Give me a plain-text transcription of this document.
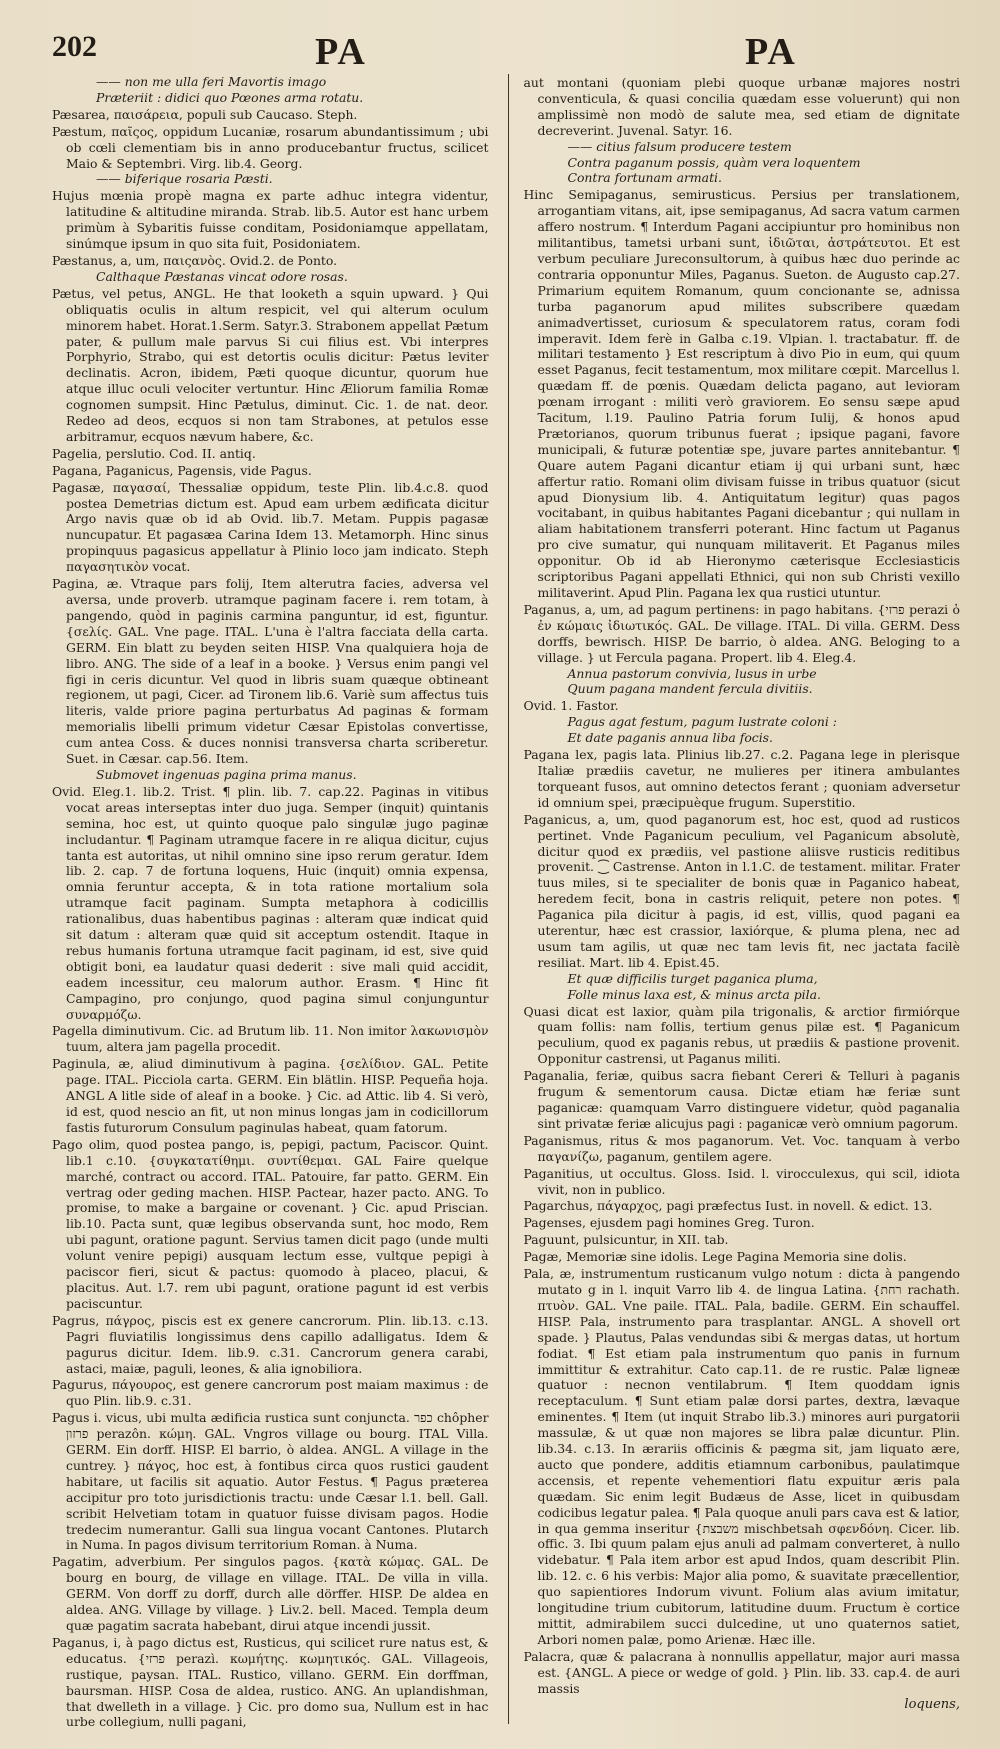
202	PA	PA

—— non me ulla feri Mavortis imago

Præteriit : didici quo Pœones arma rotatu.

Pæsarea, παισάρεια, populi sub Caucaso. Steph.

Pæstum, παῖςος, oppidum Lucaniæ, rosarum abundantissimum ; ubi ob cœli clementiam bis in anno producebantur fructus, scilicet Maio & Septembri. Virg. lib.4. Georg.

—— biferique rosaria Pæsti.

Hujus mœnia propè magna ex parte adhuc integra videntur, latitudine & altitudine miranda. Strab. lib.5. Autor est hanc urbem primùm à Sybaritis fuisse conditam, Posidoniamque appellatam, sinúmque ipsum in quo sita fuit, Posidoniatem.

Pæstanus, a, um, παιςανὸς. Ovid.2. de Ponto.

Calthaque Pæstanas vincat odore rosas.

Pætus, vel petus, ANGL. He that looketh a squin upward. } Qui obliquatis oculis in altum respicit, vel qui alterum oculum minorem habet. Horat.1.Serm. Satyr.3. Strabonem appellat Pætum pater, & pullum male parvus Si cui filius est. Vbi interpres Porphyrio, Strabo, qui est detortis oculis dicitur: Pætus leviter declinatis. Acron, ibidem, Pæti quoque dicuntur, quorum hue atque illuc oculi velociter vertuntur. Hinc Æliorum familia Romæ cognomen sumpsit. Hinc Pætulus, diminut. Cic. 1. de nat. deor. Redeo ad deos, ecquos si non tam Strabones, at petulos esse arbitramur, ecquos nævum habere, &c.

Pagelia, perslutio. Cod. II. antiq.

Pagana, Paganicus, Pagensis, vide Pagus.

Pagasæ, παγασαί, Thessaliæ oppidum, teste Plin. lib.4.c.8. quod postea Demetrias dictum est. Apud eam urbem ædificata dicitur Argo navis quæ ob id ab Ovid. lib.7. Metam. Puppis pagasæ nuncupatur. Et pagasæa Carina Idem 13. Metamorph. Hinc sinus propinquus pagasicus appellatur à Plinio loco jam indicato. Steph παγασητικὸν vocat.

Pagina, æ. Vtraque pars folij, Item alterutra facies, adversa vel aversa, unde proverb. utramque paginam facere i. rem totam, à pangendo, quòd in paginis carmina panguntur, id est, figuntur. {σελίς. GAL. Vne page. ITAL. L'una è l'altra facciata della carta. GERM. Ein blatt zu beyden seiten HISP. Vna qualquiera hoja de libro. ANG. The side of a leaf in a booke. } Versus enim pangi vel figi in ceris dicuntur. Vel quod in libris suam quæque obtineant regionem, ut pagi, Cicer. ad Tironem lib.6. Variè sum affectus tuis literis, valde priore pagina perturbatus Ad paginas & formam memorialis libelli primum videtur Cæsar Epistolas convertisse, cum antea Coss. & duces nonnisi transversa charta scriberetur. Suet. in Cæsar. cap.56. Item.

Submovet ingenuas pagina prima manus.

Ovid. Eleg.1. lib.2. Trist. ¶ plin. lib. 7. cap.22. Paginas in vitibus vocat areas interseptas inter duo juga. Semper (inquit) quintanis semina, hoc est, ut quinto quoque palo singulæ jugo paginæ includantur. ¶ Paginam utramque facere in re aliqua dicitur, cujus tanta est autoritas, ut nihil omnino sine ipso rerum geratur. Idem lib. 2. cap. 7 de fortuna loquens, Huic (inquit) omnia expensa, omnia feruntur accepta, & in tota ratione mortalium sola utramque facit paginam. Sumpta metaphora à codicillis rationalibus, duas habentibus paginas : alteram quæ indicat quid sit datum : alteram quæ quid sit acceptum ostendit. Itaque in rebus humanis fortuna utramque facit paginam, id est, sive quid obtigit boni, ea laudatur quasi dederit : sive mali quid accidit, eadem incessitur, ceu malorum author. Erasm. ¶ Hinc fit Campagino, pro conjungo, quod pagina simul conjunguntur συναρμόζω.

Pagella diminutivum. Cic. ad Brutum lib. 11. Non imitor λακωνισμὸν tuum, altera jam pagella procedit.

Paginula, æ, aliud diminutivum à pagina. {σελίδιον. GAL. Petite page. ITAL. Picciola carta. GERM. Ein blätlin. HISP. Pequeña hoja. ANGL A litle side of aleaf in a booke. } Cic. ad Attic. lib 4. Si verò, id est, quod nescio an fit, ut non minus longas jam in codicillorum fastis futurorum Consulum paginulas habeat, quam fatorum.

Pago olim, quod postea pango, is, pepigi, pactum, Paciscor. Quint. lib.1 c.10. {συγκατατίθημι. συντίθεμαι. GAL Faire quelque marché, contract ou accord. ITAL. Patouire, far patto. GERM. Ein vertrag oder geding machen. HISP. Pactear, hazer pacto. ANG. To promise, to make a bargaine or covenant. } Cic. apud Priscian. lib.10. Pacta sunt, quæ legibus observanda sunt, hoc modo, Rem ubi pagunt, oratione pagunt. Servius tamen dicit pago (unde multi volunt venire pepigi) ausquam lectum esse, vultque pepigi à paciscor fieri, sicut & pactus: quomodo à placeo, placui, & placitus. Aut. l.7. rem ubi pagunt, oratione pagunt id est verbis paciscuntur.

Pagrus, πάγρος, piscis est ex genere cancrorum. Plin. lib.13. c.13. Pagri fluviatilis longissimus dens capillo adalligatus. Idem & pagurus dicitur. Idem. lib.9. c.31. Cancrorum genera carabi, astaci, maiæ, paguli, leones, & alia ignobiliora.

Pagurus, πάγουρος, est genere cancrorum post maiam maximus : de quo Plin. lib.9. c.31.

Pagus i. vicus, ubi multa ædificia rustica sunt conjuncta. ‏כפר chôpher ‏פרזון perazôn. κώμη. GAL. Vngros village ou bourg. ITAL Villa. GERM. Ein dorff. HISP. El barrio, ò aldea. ANGL. A village in the cuntrey. } πάγος, hoc est, à fontibus circa quos rustici gaudent habitare, ut facilis sit aquatio. Autor Festus. ¶ Pagus præterea accipitur pro toto jurisdictionis tractu: unde Cæsar l.1. bell. Gall. scribit Helvetiam totam in quatuor fuisse divisam pagos. Hodie tredecim numerantur. Galli sua lingua vocant Cantones. Plutarch in Numa. In pagos divisum territorium Roman. à Numa.

Pagatim, adverbium. Per singulos pagos. {κατὰ κώμας. GAL. De bourg en bourg, de village en village. ITAL. De villa in villa. GERM. Von dorff zu dorff, durch alle dörffer. HISP. De aldea en aldea. ANG. Village by village. } Liv.2. bell. Maced. Templa deum quæ pagatim sacrata habebant, dirui atque incendi jussit.

Paganus, i, à pago dictus est, Rusticus, qui scilicet rure natus est, & educatus. {‏פרזי perazì. κωμήτης. κωμητικός. GAL. Villageois, rustique, paysan. ITAL. Rustico, villano. GERM. Ein dorffman, baursman. HISP. Cosa de aldea, rustico. ANG. An uplandishman, that dwelleth in a village. } Cic. pro domo sua, Nullum est in hac urbe collegium, nulli pagani,

aut montani (quoniam plebi quoque urbanæ majores nostri conventicula, & quasi concilia quædam esse voluerunt) qui non amplissimè non modò de salute mea, sed etiam de dignitate decreverint. Juvenal. Satyr. 16.

—— citius falsum producere testem

Contra paganum possis, quàm vera loquentem

Contra fortunam armati.

Hinc Semipaganus, semirusticus. Persius per translationem, arrogantiam vitans, ait, ipse semipaganus, Ad sacra vatum carmen affero nostrum. ¶ Interdum Pagani accipiuntur pro hominibus non militantibus, tametsi urbani sunt, ἰδιῶται, ἀστράτευτοι. Et est verbum peculiare Jureconsultorum, à quibus hæc duo perinde ac contraria opponuntur Miles, Paganus. Sueton. de Augusto cap.27. Primarium equitem Romanum, quum concionante se, adnissa turba paganorum apud milites subscribere quædam animadvertisset, curiosum & speculatorem ratus, coram fodi imperavit. Idem ferè in Galba c.19. Vlpian. l. tractabatur. ff. de militari testamento } Est rescriptum à divo Pio in eum, qui quum esset Paganus, fecit testamentum, mox militare cœpit. Marcellus l. quædam ff. de pœnis. Quædam delicta pagano, aut levioram pœnam irrogant : militi verò graviorem. Eo sensu sæpe apud Tacitum, l.19. Paulino Patria forum Iulij, & honos apud Prætorianos, quorum tribunus fuerat ; ipsique pagani, favore municipali, & futuræ potentiæ spe, juvare partes annitebantur. ¶ Quare autem Pagani dicantur etiam ij qui urbani sunt, hæc affertur ratio. Romani olim divisam fuisse in tribus quatuor (sicut apud Dionysium lib. 4. Antiquitatum legitur) quas pagos vocitabant, in quibus habitantes Pagani dicebantur ; qui nullam in aliam habitationem transferri poterant. Hinc factum ut Paganus pro cive sumatur, qui nunquam militaverit. Et Paganus miles opponitur. Ob id ab Hieronymo cæterisque Ecclesiasticis scriptoribus Pagani appellati Ethnici, qui non sub Christi vexillo militaverint. Apud Plin. Pagana lex qua rustici utuntur.

Paganus, a, um, ad pagum pertinens: in pago habitans. {‏פרזי perazi ὁ ἐν κώμαις ἰδιωτικός. GAL. De village. ITAL. Di villa. GERM. Dess dorffs, bewrisch. HISP. De barrio, ò aldea. ANG. Beloging to a village. } ut Fercula pagana. Propert. lib 4. Eleg.4.

Annua pastorum convivia, lusus in urbe

Quum pagana mandent fercula divitiis.

Ovid. 1. Fastor.

Pagus agat festum, pagum lustrate coloni :

Et date paganis annua liba focis.

Pagana lex, pagis lata. Plinius lib.27. c.2. Pagana lege in plerisque Italiæ prædiis cavetur, ne mulieres per itinera ambulantes torqueant fusos, aut omnino detectos ferant ; quoniam adversetur id omnium spei, præcipuèque frugum. Superstitio.

Paganicus, a, um, quod paganorum est, hoc est, quod ad rusticos pertinet. Vnde Paganicum peculium, vel Paganicum absolutè, dicitur quod ex prædiis, vel pastione aliisve rusticis reditibus provenit. ⁐ Castrense. Anton in l.1.C. de testament. militar. Frater tuus miles, si te specialiter de bonis quæ in Paganico habeat, heredem fecit, bona in castris reliquit, petere non potes. ¶ Paganica pila dicitur à pagis, id est, villis, quod pagani ea uterentur, hæc est crassior, laxiórque, & pluma plena, nec ad usum tam agilis, ut quæ nec tam levis fit, nec jactata facilè resiliat. Mart. lib 4. Epist.45.

Et quæ difficilis turget paganica pluma,

Folle minus laxa est, & minus arcta pila.

Quasi dicat est laxior, quàm pila trigonalis, & arctior firmiórque quam follis: nam follis, tertium genus pilæ est. ¶ Paganicum peculium, quod ex paganis rebus, ut prædiis & pastione provenit. Opponitur castrensi, ut Paganus militi.

Paganalia, feriæ, quibus sacra fiebant Cereri & Telluri à paganis frugum & sementorum causa. Dictæ etiam hæ feriæ sunt paganicæ: quamquam Varro distinguere videtur, quòd paganalia sint privatæ feriæ alicujus pagi : paganicæ verò omnium pagorum.

Paganismus, ritus & mos paganorum. Vet. Voc. tanquam à verbo παγανίζω, paganum, gentilem agere.

Paganitius, ut occultus. Gloss. Isid. l. virocculexus, qui scil, idiota vivit, non in publico.

Pagarchus, πάγαρχος, pagi præfectus Iust. in novell. & edict. 13.

Pagenses, ejusdem pagi homines Greg. Turon.

Paguunt, pulsicuntur, in XII. tab.

Pagæ, Memoriæ sine idolis. Lege Pagina Memoria sine dolis.

Pala, æ, instrumentum rusticanum vulgo notum : dicta à pangendo mutato g in l. inquit Varro lib 4. de lingua Latina. {‏רחת rachath. πτυὸν. GAL. Vne paile. ITAL. Pala, badile. GERM. Ein schauffel. HISP. Pala, instrumento para trasplantar. ANGL. A shovell ort spade. } Plautus, Palas vendundas sibi & mergas datas, ut hortum fodiat. ¶ Est etiam pala instrumentum quo panis in furnum immittitur & extrahitur. Cato cap.11. de re rustic. Palæ ligneæ quatuor : necnon ventilabrum. ¶ Item quoddam ignis receptaculum. ¶ Sunt etiam palæ dorsi partes, dextra, lævaque eminentes. ¶ Item (ut inquit Strabo lib.3.) minores auri purgatorii massulæ, & ut quæ non majores se libra palæ dicuntur. Plin. lib.34. c.13. In ærariis officinis & pægma sit, jam liquato ære, aucto que pondere, additis etiamnum carbonibus, paulatimque accensis, et repente vehementiori flatu expuitur æris pala quædam. Sic enim legit Budæus de Asse, licet in quibusdam codicibus legatur palea. ¶ Pala quoque anuli pars cava est & latior, in qua gemma inseritur {‏משבצת mischbetsah σφενδόνη. Cicer. lib. offic. 3. Ibi quum palam ejus anuli ad palmam converteret, à nullo videbatur. ¶ Pala item arbor est apud Indos, quam describit Plin. lib. 12. c. 6 his verbis: Major alia pomo, & suavitate præcellentior, quo sapientiores Indorum vivunt. Folium alas avium imitatur, longitudine trium cubitorum, latitudine duum. Fructum è cortice mittit, admirabilem succi dulcedine, ut uno quaternos satiet, Arbori nomen palæ, pomo Arienæ. Hæc ille.

Palacra, quæ & palacrana à nonnullis appellatur, major auri massa est. {ANGL. A piece or wedge of gold. } Plin. lib. 33. cap.4. de auri massis

loquens,
